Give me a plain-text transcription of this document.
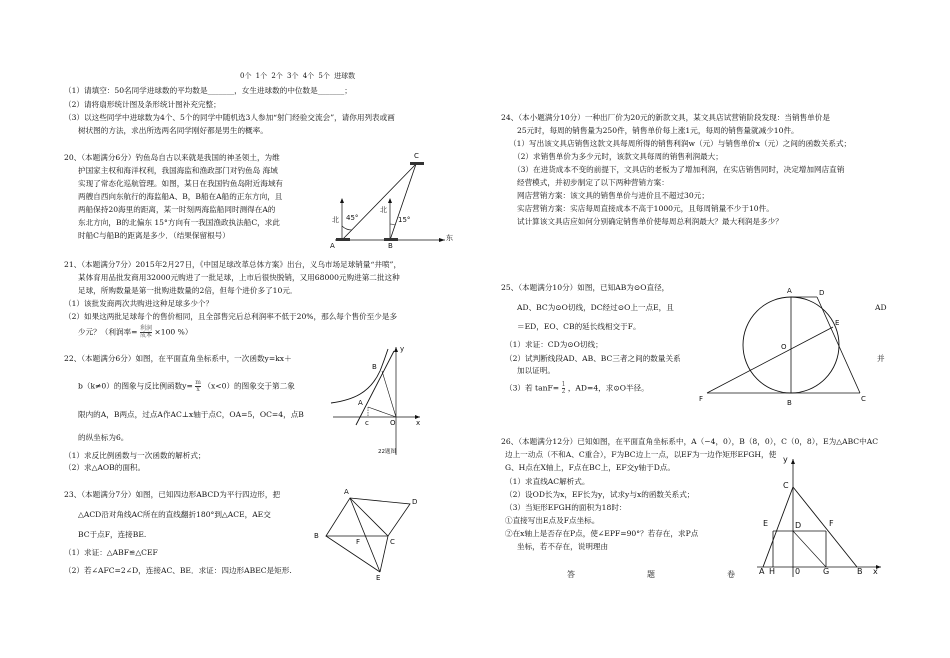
0个 1个 2个 3个 4个 5个 进球数
（1）请填空：50名同学进球数的平均数是_______，女生进球数的中位数是_______；
（2）请将扇形统计图及条形统计图补充完整；
（3）以这些同学中进球数为4个、5个的同学中随机选3人参加“射门经验交流会”，请你用列表或画
树状图的方法，求出所选两名同学刚好都是男生的概率。
20、（本题满分6分）钓鱼岛自古以来就是我国的神圣领土，为维
护国家主权和海洋权利，我国海监和渔政部门对钓鱼岛 海域
实现了常态化巡航管理。如图，某日在我国钓鱼岛附近海域有
两艘自西向东航行的海监船A、B，B船在A船的正东方向，且
两船保持20海里的距离，某一时刻两海监船同时测得在A的
东北方向，B的北偏东 15°方向有一我国渔政执法船C，求此
时船C与船B的距离是多少．（结果保留根号）
C
A	B
北
北
45°	15°
东
21、（本题满分7分）2015年2月27日，《中国足球改革总体方案》出台，义乌市场足球销量“井喷”，
某体育用品批发商用32000元购进了一批足球，上市后很快脱销，又用68000元购进第二批这种
足球，所购数量是第一批购进数量的2倍，但每个进价多了10元．
（1）该批发商两次共购进这种足球多少个？
（2）如果这两批足球每个的售价相同，且全部售完后总利润率不低于20%，那么每个售价至少是多
少元？（利润率= $\frac{\text{利润}}{\text{成本}} \times 100$ %）
22、（本题满分6分）如图，在平面直角坐标系中，一次函数y=kx＋
b（k≠0）的图象与反比例函数$y= \frac{m}{x} (x<0)$的图象交于第二象
限内的A，B两点，过点A作AC⊥x轴于点C，OA=5，OC=4，点B
的纵坐标为6。
（1）求反比例函数与一次函数的解析式；
（2）求△AOB的面积。
y
B
A
c	O	x
22题图
23、（本题满分7分）如图，已知四边形ABCD为平行四边形，把
△ACD沿对角线AC所在的直线翻折180°到△ACE，AE交
BC于点F，连接BE.
（1）求证：△ABF≌△CEF
（2）若∠AFC=2∠D，连接AC、BE．求证：四边形ABEC是矩形.
A
D
B
F	C
E
24、（本小题满分10分）一种出厂价为20元的新款文具，某文具店试营销阶段发现：当销售单价是
25元时，每周的销售量为250件，销售单价每上涨1元，每周的销售量就减少10件。
（1）写出该文具店销售这款文具每周所得的销售利润w（元）与销售单价x（元）之间的函数关系式；
（2）求销售单价为多少元时，该款文具每周的销售利润最大；
（3）在进货成本不变的前提下，文具店的老板为了增加利润，在实店销售同时，决定增加网店直销
经营模式，并初步制定了以下两种营销方案：
网店营销方案：该文具的销售单价与进价且不超过30元；
实店营销方案：实店每周直接成本不高于1000元，且每周销量不少于10件。
试计算该文具店应如何分别确定销售单价使每周总利润最大？最大利润是多少？
25、（本题满分10分）如图，已知AB为⊙O直径，
AD、BC为⊙O切线，DC经过⊙O上一点E，且	AD
＝ED，EO、CB的延长线相交于F。
（1）求证：CD为⊙O切线；
（2）试判断线段AD、AB、BC三者之间的数量关系	并
加以证明。
（3）若 $\tan F= \frac{1}{2}$ ，AD=4，求⊙O半径。
A	D
E
O
F	B	C
26、（本题满分12分）已知如图，在平面直角坐标系中，A（−4，0），B（8，0），C（0，8），E为△ABC中AC
边上一动点（不和A、C重合），F为BC边上一点，以EF为一边作矩形EFGH，使
G、H点在X轴上，F点在BC上，EF交y轴于D点。
（1）求直线AC解析式。
（2）设OD长为x，EF长为y，试求y与x的函数关系式；
（3）当矩形EFGH的面积为18时：
①直接写出E点及F点坐标。
②在x轴上是否存在P点，使∠EPF=90°？若存在，求P点
坐标，若不存在，说明理由
y
C
E	F
D
A H 0	G	B x
答	题	卷
